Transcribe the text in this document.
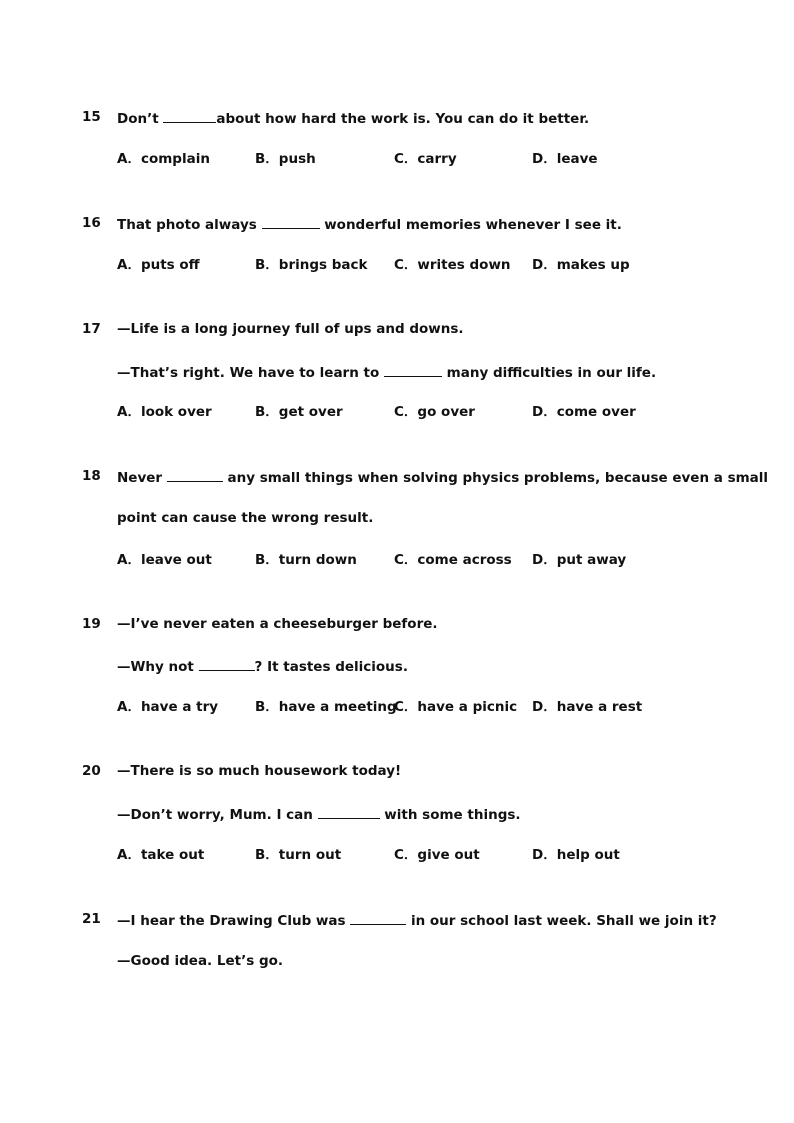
15 Don’t	about how hard the work is. You can do it better.
A．complain	B．push	C．carry	D．leave
16 That photo always	wonderful memories whenever I see it.
A．puts off	B．brings back C．writes down D．makes up
17 —Life is a long journey full of ups and downs.
—That’s right. We have to learn to	many difficulties in our life.
A．look over	B．get over	C．go over	D．come over
18 Never	any small things when solving physics problems, because even a small
point can cause the wrong result.
A．leave out	B．turn down	C．come across D．put away
19 —I’ve never eaten a cheeseburger before.
—Why not	? It tastes delicious.
A．have a try	B．have a meeting
C．have a picnic D．have a rest
20 —There is so much housework today!
—Don’t worry, Mum. I can	with some things.
A．take out	B．turn out	C．give out	D．help out
21 —I hear the Drawing Club was	in our school last week. Shall we join it?
—Good idea. Let’s go.
